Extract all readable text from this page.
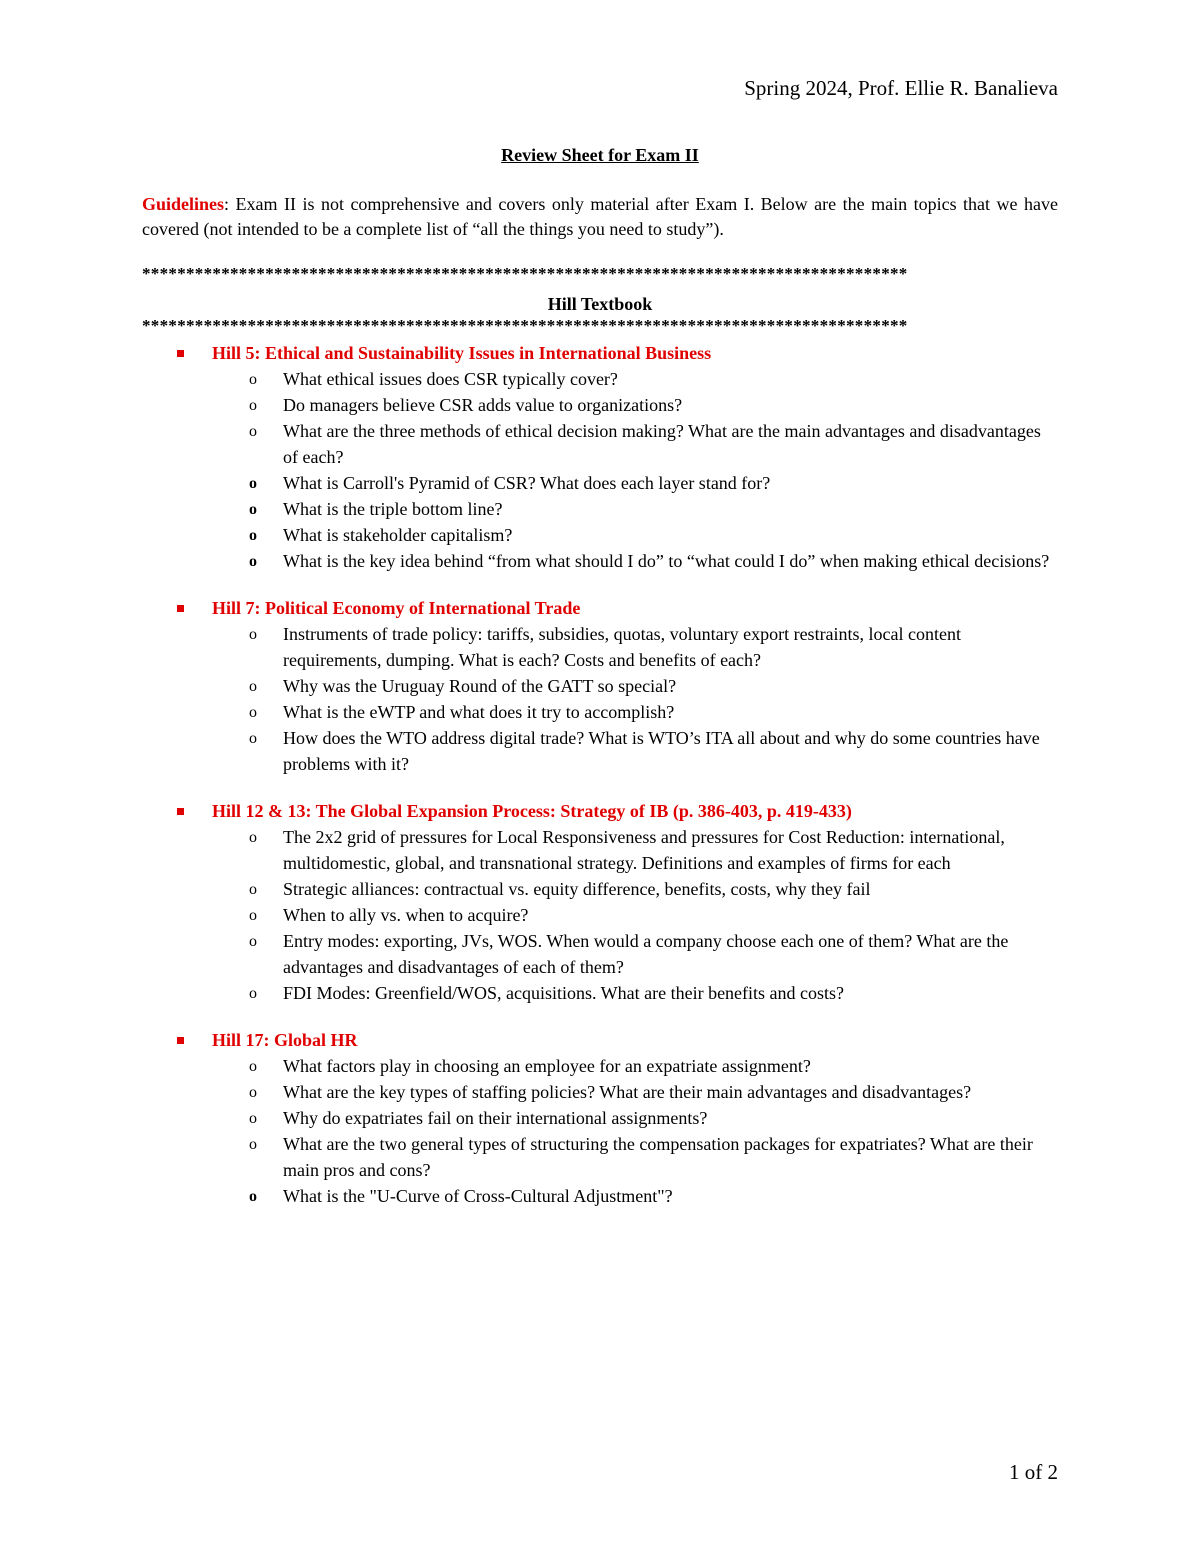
Spring 2024, Prof. Ellie R. Banalieva
Review Sheet for Exam II
Guidelines: Exam II is not comprehensive and covers only material after Exam I. Below are the main topics that we have covered (not intended to be a complete list of “all the things you need to study”).
***************************************************************************************
Hill Textbook
***************************************************************************************
Hill 5: Ethical and Sustainability Issues in International Business
o What ethical issues does CSR typically cover?
o Do managers believe CSR adds value to organizations?
o What are the three methods of ethical decision making? What are the main advantages and disadvantages of each?
o What is Carroll's Pyramid of CSR? What does each layer stand for?
o What is the triple bottom line?
o What is stakeholder capitalism?
o What is the key idea behind “from what should I do” to “what could I do” when making ethical decisions?
Hill 7: Political Economy of International Trade
o Instruments of trade policy: tariffs, subsidies, quotas, voluntary export restraints, local content requirements, dumping. What is each? Costs and benefits of each?
o Why was the Uruguay Round of the GATT so special?
o What is the eWTP and what does it try to accomplish?
o How does the WTO address digital trade? What is WTO’s ITA all about and why do some countries have problems with it?
Hill 12 & 13: The Global Expansion Process: Strategy of IB (p. 386-403, p. 419-433)
o The 2x2 grid of pressures for Local Responsiveness and pressures for Cost Reduction: international, multidomestic, global, and transnational strategy. Definitions and examples of firms for each
o Strategic alliances: contractual vs. equity difference, benefits, costs, why they fail
o When to ally vs. when to acquire?
o Entry modes: exporting, JVs, WOS. When would a company choose each one of them? What are the advantages and disadvantages of each of them?
o FDI Modes: Greenfield/WOS, acquisitions. What are their benefits and costs?
Hill 17: Global HR
o What factors play in choosing an employee for an expatriate assignment?
o What are the key types of staffing policies? What are their main advantages and disadvantages?
o Why do expatriates fail on their international assignments?
o What are the two general types of structuring the compensation packages for expatriates? What are their main pros and cons?
o What is the "U-Curve of Cross-Cultural Adjustment"?
1 of 2
